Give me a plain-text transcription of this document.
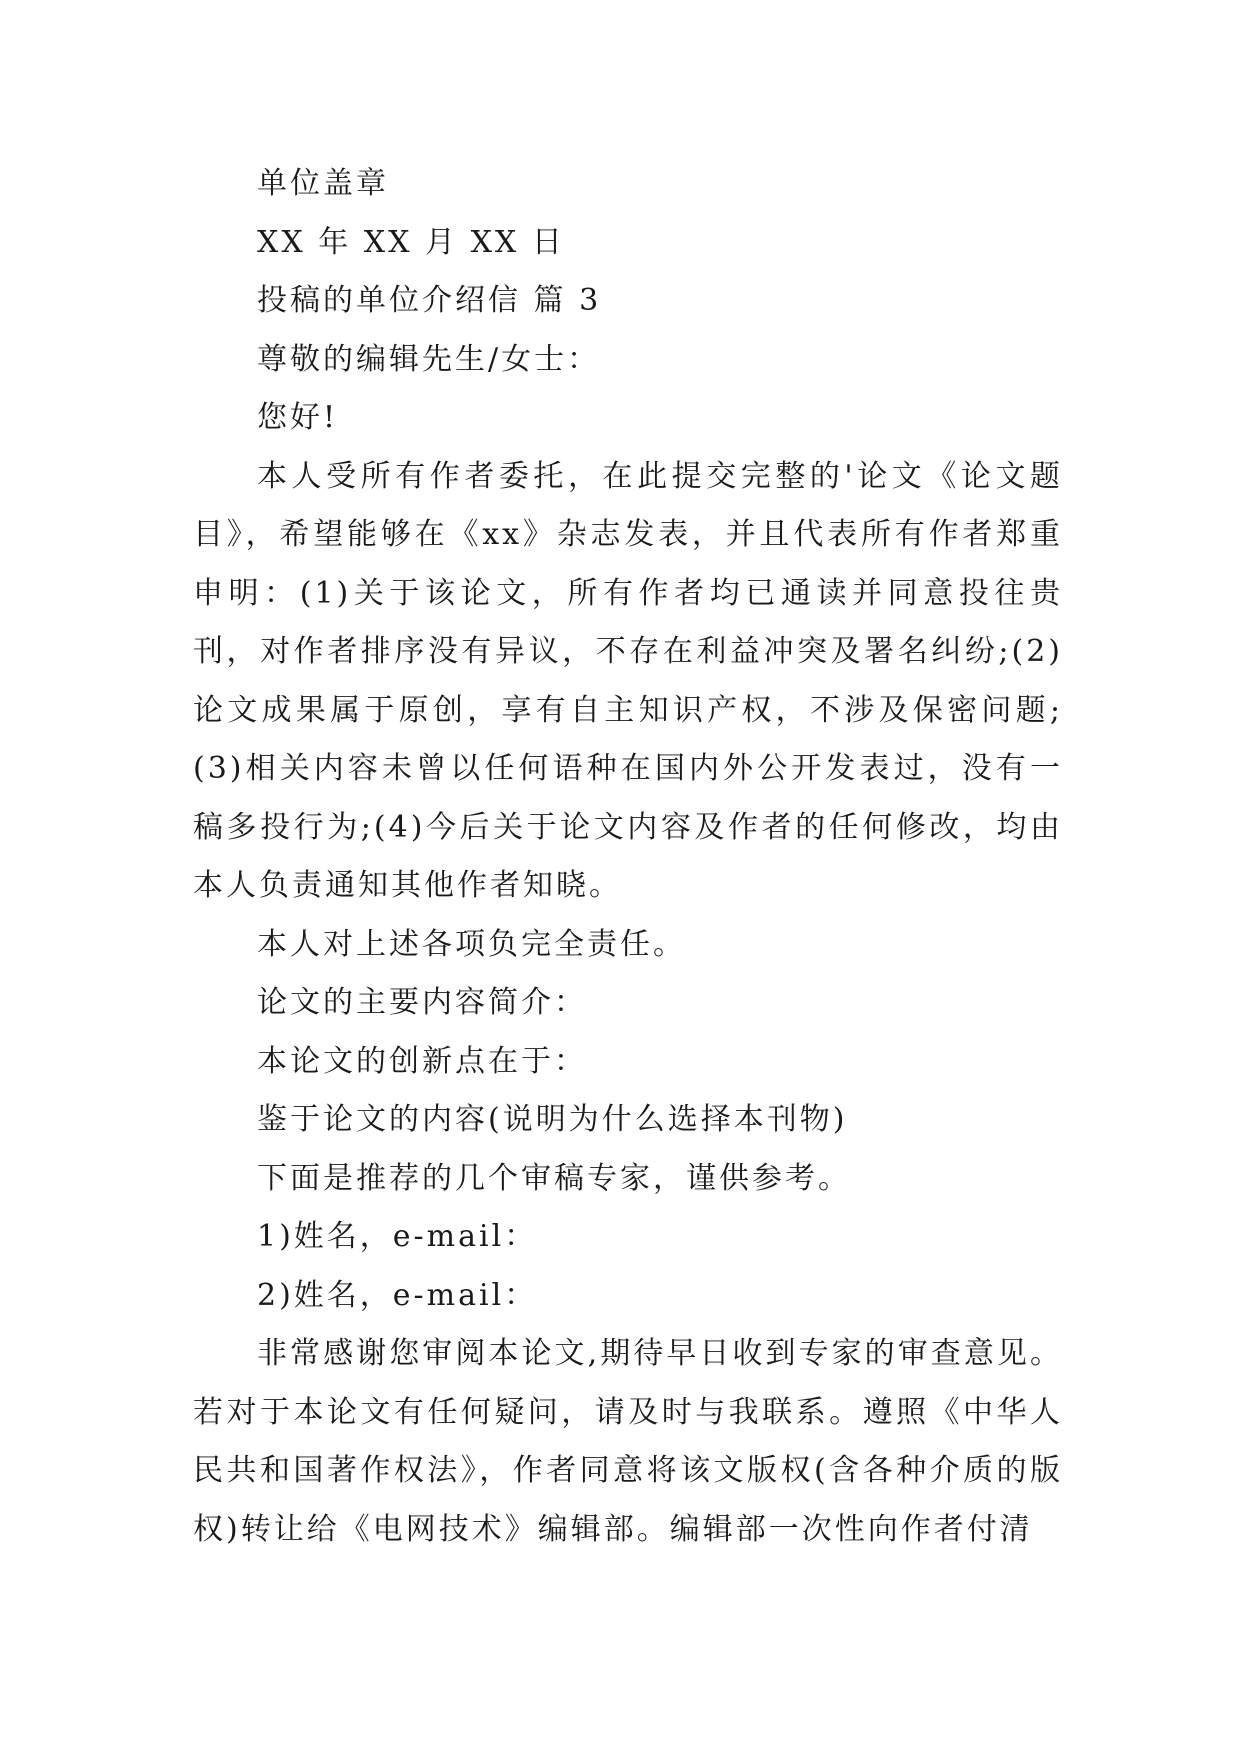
单位盖章

XX 年 XX 月 XX 日

投稿的单位介绍信 篇 3

尊敬的编辑先生/女士：

您好!

本人受所有作者委托，在此提交完整的'论文《论文题目》，希望能够在《xx》杂志发表，并且代表所有作者郑重申明：(1)关于该论文，所有作者均已通读并同意投往贵刊，对作者排序没有异议，不存在利益冲突及署名纠纷;(2)论文成果属于原创，享有自主知识产权，不涉及保密问题;(3)相关内容未曾以任何语种在国内外公开发表过，没有一稿多投行为;(4)今后关于论文内容及作者的任何修改，均由本人负责通知其他作者知晓。

本人对上述各项负完全责任。

论文的主要内容简介：

本论文的创新点在于：

鉴于论文的内容(说明为什么选择本刊物)

下面是推荐的几个审稿专家，谨供参考。

1)姓名，e-mail：

2)姓名，e-mail：

非常感谢您审阅本论文,期待早日收到专家的审查意见。若对于本论文有任何疑问，请及时与我联系。遵照《中华人民共和国著作权法》，作者同意将该文版权(含各种介质的版权)转让给《电网技术》编辑部。编辑部一次性向作者付清
